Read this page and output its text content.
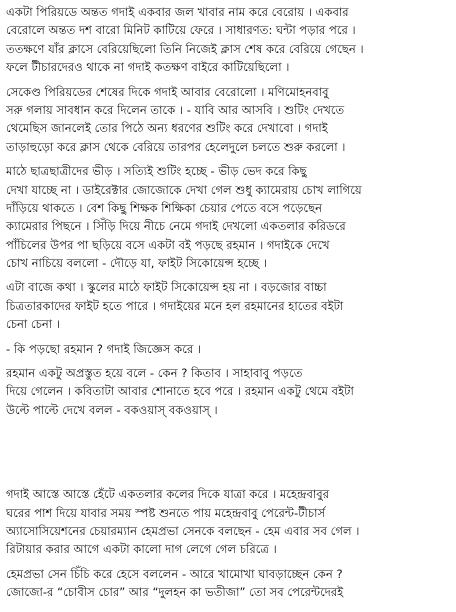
একটা পিরিয়ডে অন্তত গদাই একবার জল খাবার নাম করে বেরোয় । একবার
বেরোলে অন্তত দশ বারো মিনিট কাটিয়ে ফেরে । সাধারণত: ঘন্টা পড়ার পরে ।
ততক্ষণে যাঁর ক্লাসে বেরিয়েছিলো তিনি নিজেই ক্লাস শেষ করে বেরিয়ে গেছেন ।
ফলে টীচারদেরও থাকে না গদাই কতক্ষণ বাইরে কাটিয়েছিলো ।
সেকেণ্ড পিরিয়ডের শেষের দিকে গদাই আবার বেরোলো । মণিমোহনবাবু
সরু গলায় সাবধান করে দিলেন তাকে । - যাবি আর আসবি । শুটিং দেখতে
থেমেছিস জানলেই তোর পিঠে অন্য ধরণের শুটিং করে দেখাবো । গদাই
তাড়াহুড়ো করে ক্লাস থেকে বেরিয়ে তারপর হেলেদুলে চলতে শুরু করলো ।
মাঠে ছাত্রছাত্রীদের ভীড় । সত্যিই শুটিং হচ্ছে - ভীড় ভেদ করে কিছু
দেখা যাচ্ছে না । ডাইরেক্টার জোজোকে দেখা গেল শুধু ক্যামেরায় চোখ লাগিয়ে
দাঁড়িয়ে থাকতে । বেশ কিছু শিক্ষক শিক্ষিকা চেয়ার পেতে বসে পড়েছেন
ক্যামেরার পিছনে । সিঁড়ি দিয়ে নীচে নেমে গদাই দেখলো একতলার করিডরে
পাঁচিলের উপর পা ছড়িয়ে বসে একটা বই পড়ছে রহমান । গদাইকে দেখে
চোখ নাচিয়ে বললো - দৌড়ে যা, ফাইট সিকোয়েন্স হচ্ছে ।
এটা বাজে কথা । স্কুলের মাঠে ফাইট সিকোয়েন্স হয় না । বড়জোর বাচ্চা
চিত্রতারকাদের ফাইট হতে পারে । গদাইয়ের মনে হল রহমানের হাতের বইটা
চেনা চেনা ।
- কি পড়ছো রহমান ? গদাই জিজ্ঞেস করে ।
রহমান একটু অপ্রস্তুত হয়ে বলে - কেন ? কিতাব । সাহাবাবু পড়তে
দিয়ে গেলেন । কবিতাটা আবার শোনাতে হবে পরে । রহমান একটু থেমে বইটা
উল্টে পাল্টে দেখে বলল - বকওয়াস্ বকওয়াস্ ।
গদাই আস্তে আস্তে হেঁটে একতলার কলের দিকে যাত্রা করে । মহেন্দ্রবাবুর
ঘরের পাশ দিয়ে যাবার সময় স্পষ্ট শুনতে পায় মহেন্দ্রবাবু পেরেন্ট-টীচার্স
অ্যাসোসিয়েশনের চেয়ারম্যান হেমপ্রভা সেনকে বলছেন - হেম এবার সব গেল ।
রিটায়ার করার আগে একটা কালো দাগ লেগে গেল চরিত্রে ।
হেমপ্রভা সেন চিঁচি করে হেসে বললেন - আরে খামোখা ঘাবড়াচ্ছেন কেন ?
জোজো-র “চোবীস চোর” আর “দুলহন কা ভতীজা” তো সব পেরেন্টদেরই
